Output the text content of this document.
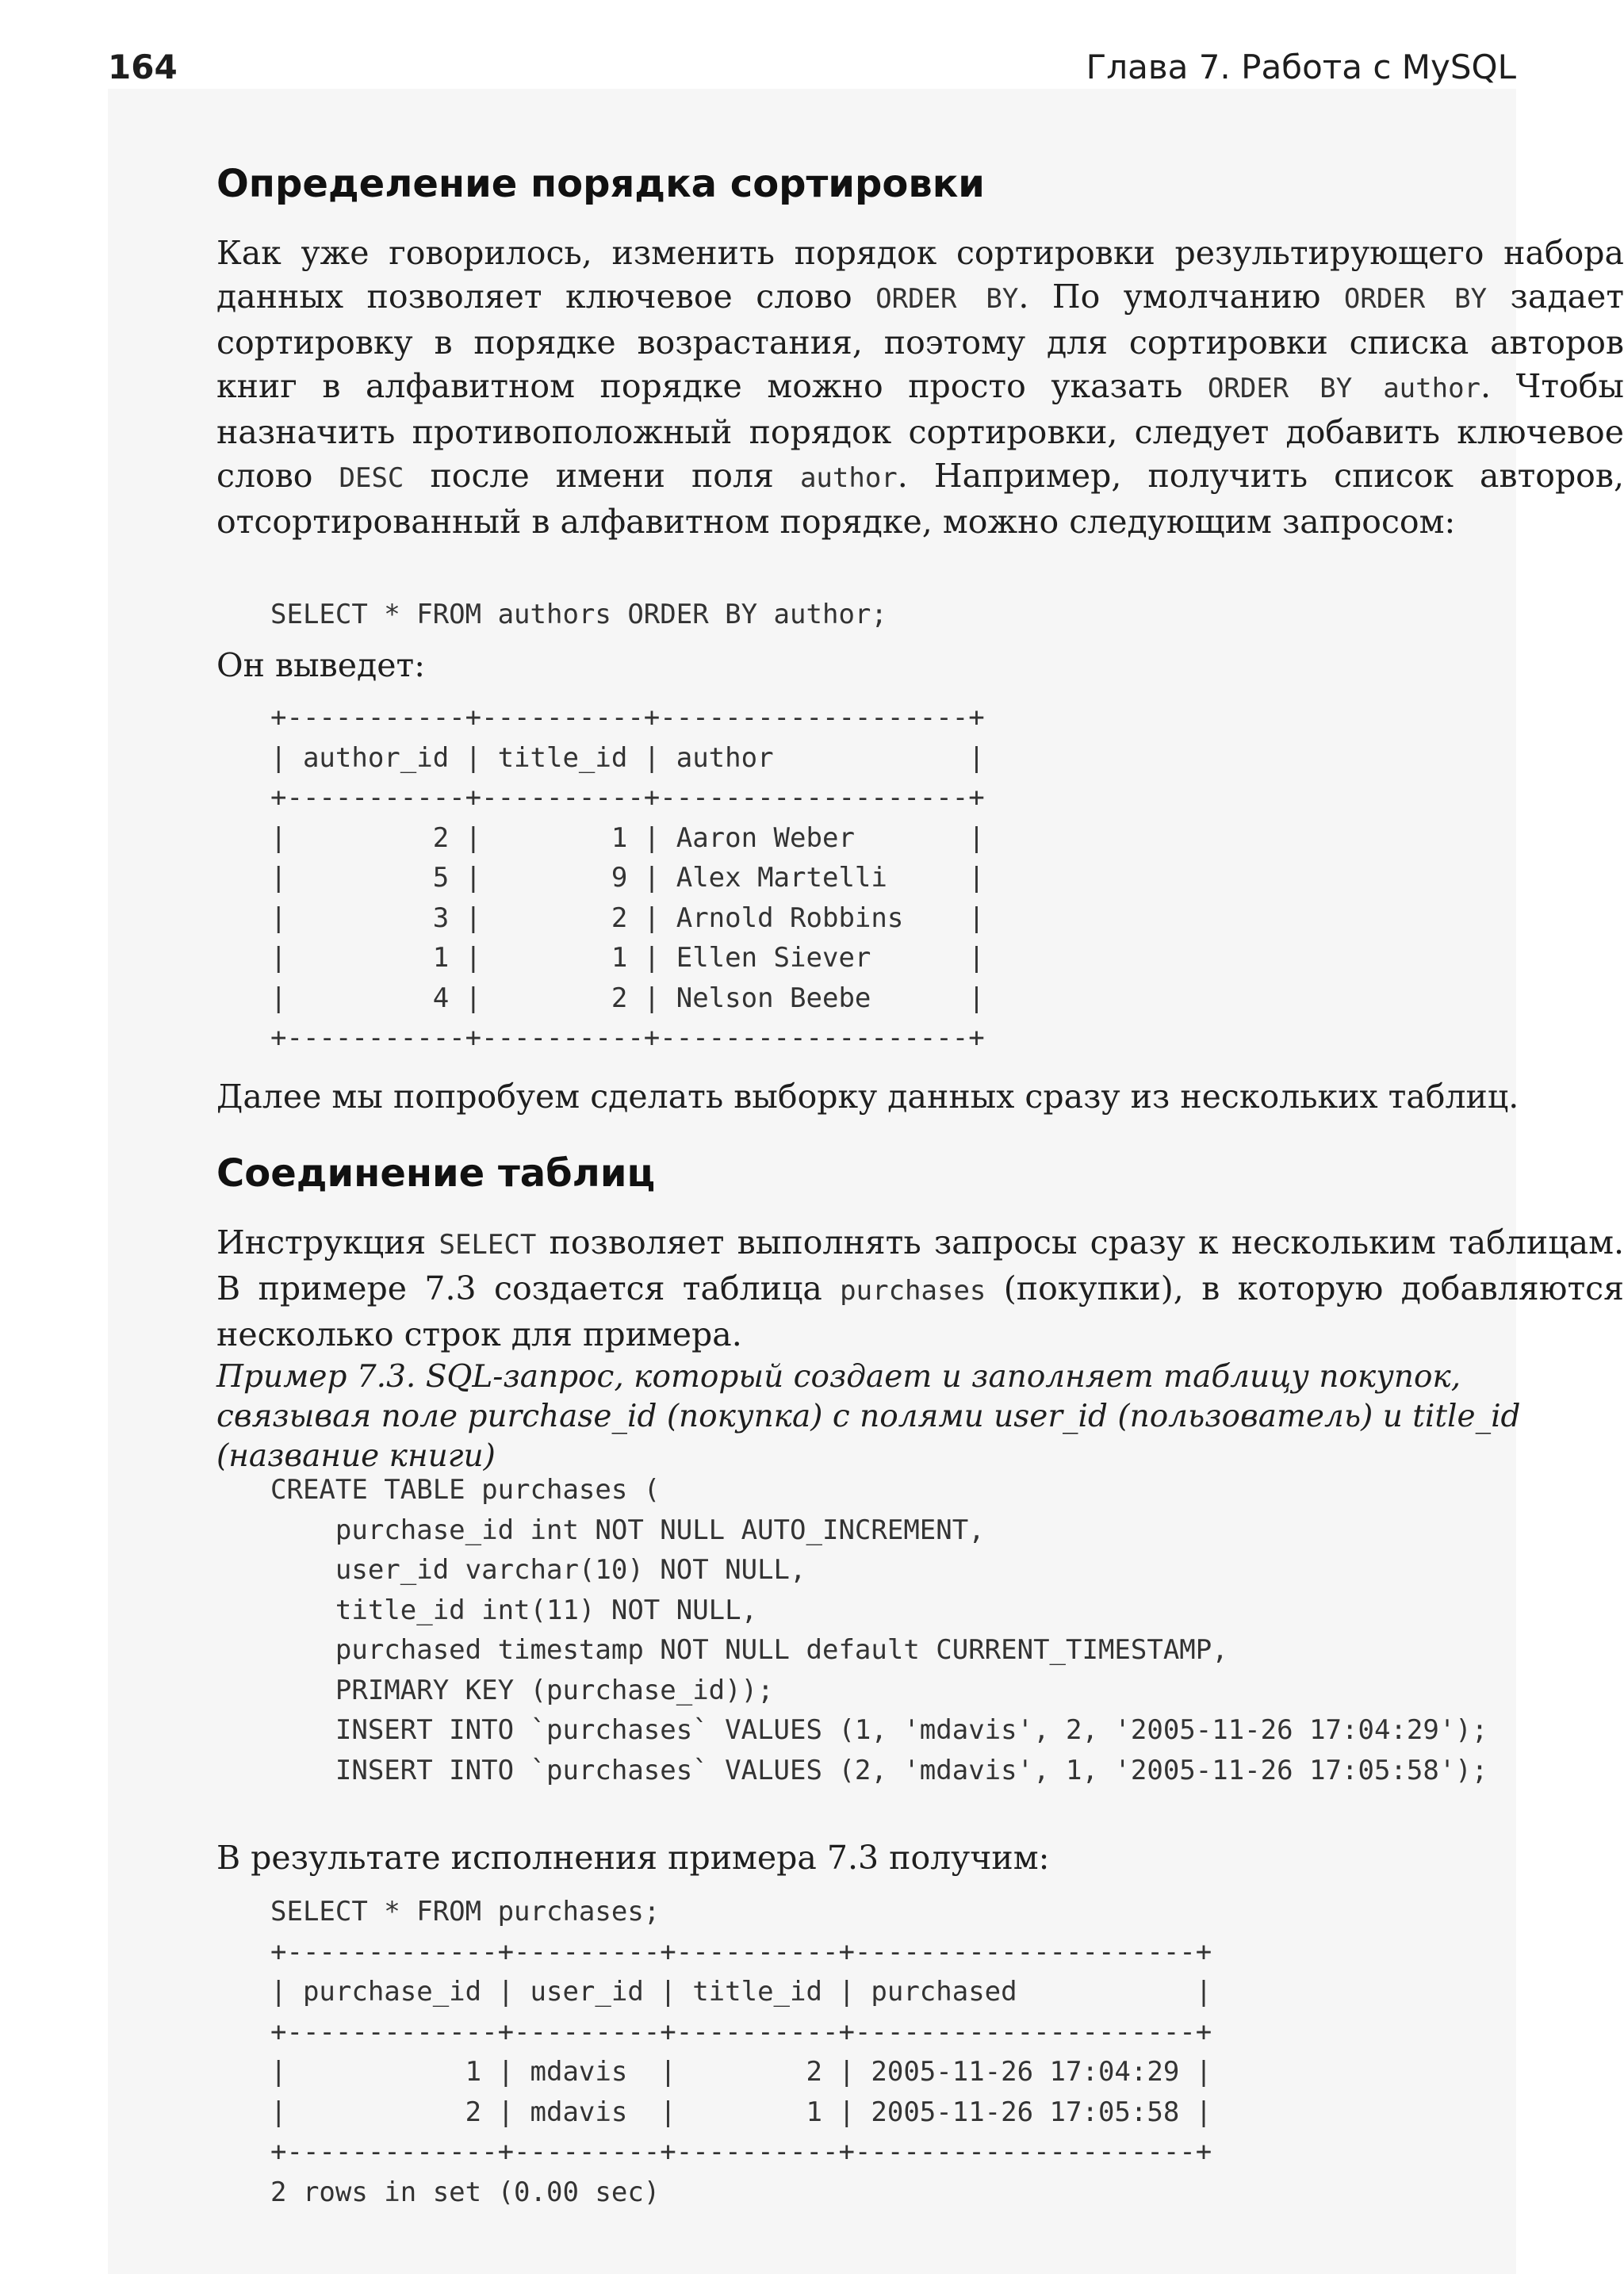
164	Глава 7. Работа с MySQL
Определение порядка сортировки

Как уже говорилось, изменить порядок сортировки результирующего набора данных позволяет ключевое слово ORDER BY. По умолчанию ORDER BY задает сортировку в порядке возрастания, поэтому для сортировки списка авторов книг в алфавитном порядке можно просто указать ORDER BY author. Чтобы назначить противоположный порядок сортировки, следует добавить ключевое слово DESC после имени поля author. Например, получить список авторов, отсортированный в алфавитном порядке, можно следующим запросом:

SELECT * FROM authors ORDER BY author;

Он выведет:

+-----------+----------+-------------------+
| author_id | title_id | author            |
+-----------+----------+-------------------+
|         2 |        1 | Aaron Weber       |
|         5 |        9 | Alex Martelli     |
|         3 |        2 | Arnold Robbins    |
|         1 |        1 | Ellen Siever      |
|         4 |        2 | Nelson Beebe      |
+-----------+----------+-------------------+

Далее мы попробуем сделать выборку данных сразу из нескольких таблиц.

Соединение таблиц

Инструкция SELECT позволяет выполнять запросы сразу к нескольким таблицам. В примере 7.3 создается таблица purchases (покупки), в которую добавляются несколько строк для примера.

Пример 7.3. SQL-запрос, который создает и заполняет таблицу покупок, связывая поле purchase_id (покупка) с полями user_id (пользователь) и title_id (название книги)

CREATE TABLE purchases (
purchase_id int NOT NULL AUTO_INCREMENT,
user_id varchar(10) NOT NULL,
title_id int(11) NOT NULL,
purchased timestamp NOT NULL default CURRENT_TIMESTAMP,
PRIMARY KEY (purchase_id));
INSERT INTO `purchases` VALUES (1, 'mdavis', 2, '2005-11-26 17:04:29');
INSERT INTO `purchases` VALUES (2, 'mdavis', 1, '2005-11-26 17:05:58');

В результате исполнения примера 7.3 получим:

SELECT * FROM purchases;
+-------------+---------+----------+---------------------+
| purchase_id | user_id | title_id | purchased           |
+-------------+---------+----------+---------------------+
|           1 | mdavis  |        2 | 2005-11-26 17:04:29 |
|           2 | mdavis  |        1 | 2005-11-26 17:05:58 |
+-------------+---------+----------+---------------------+
2 rows in set (0.00 sec)
